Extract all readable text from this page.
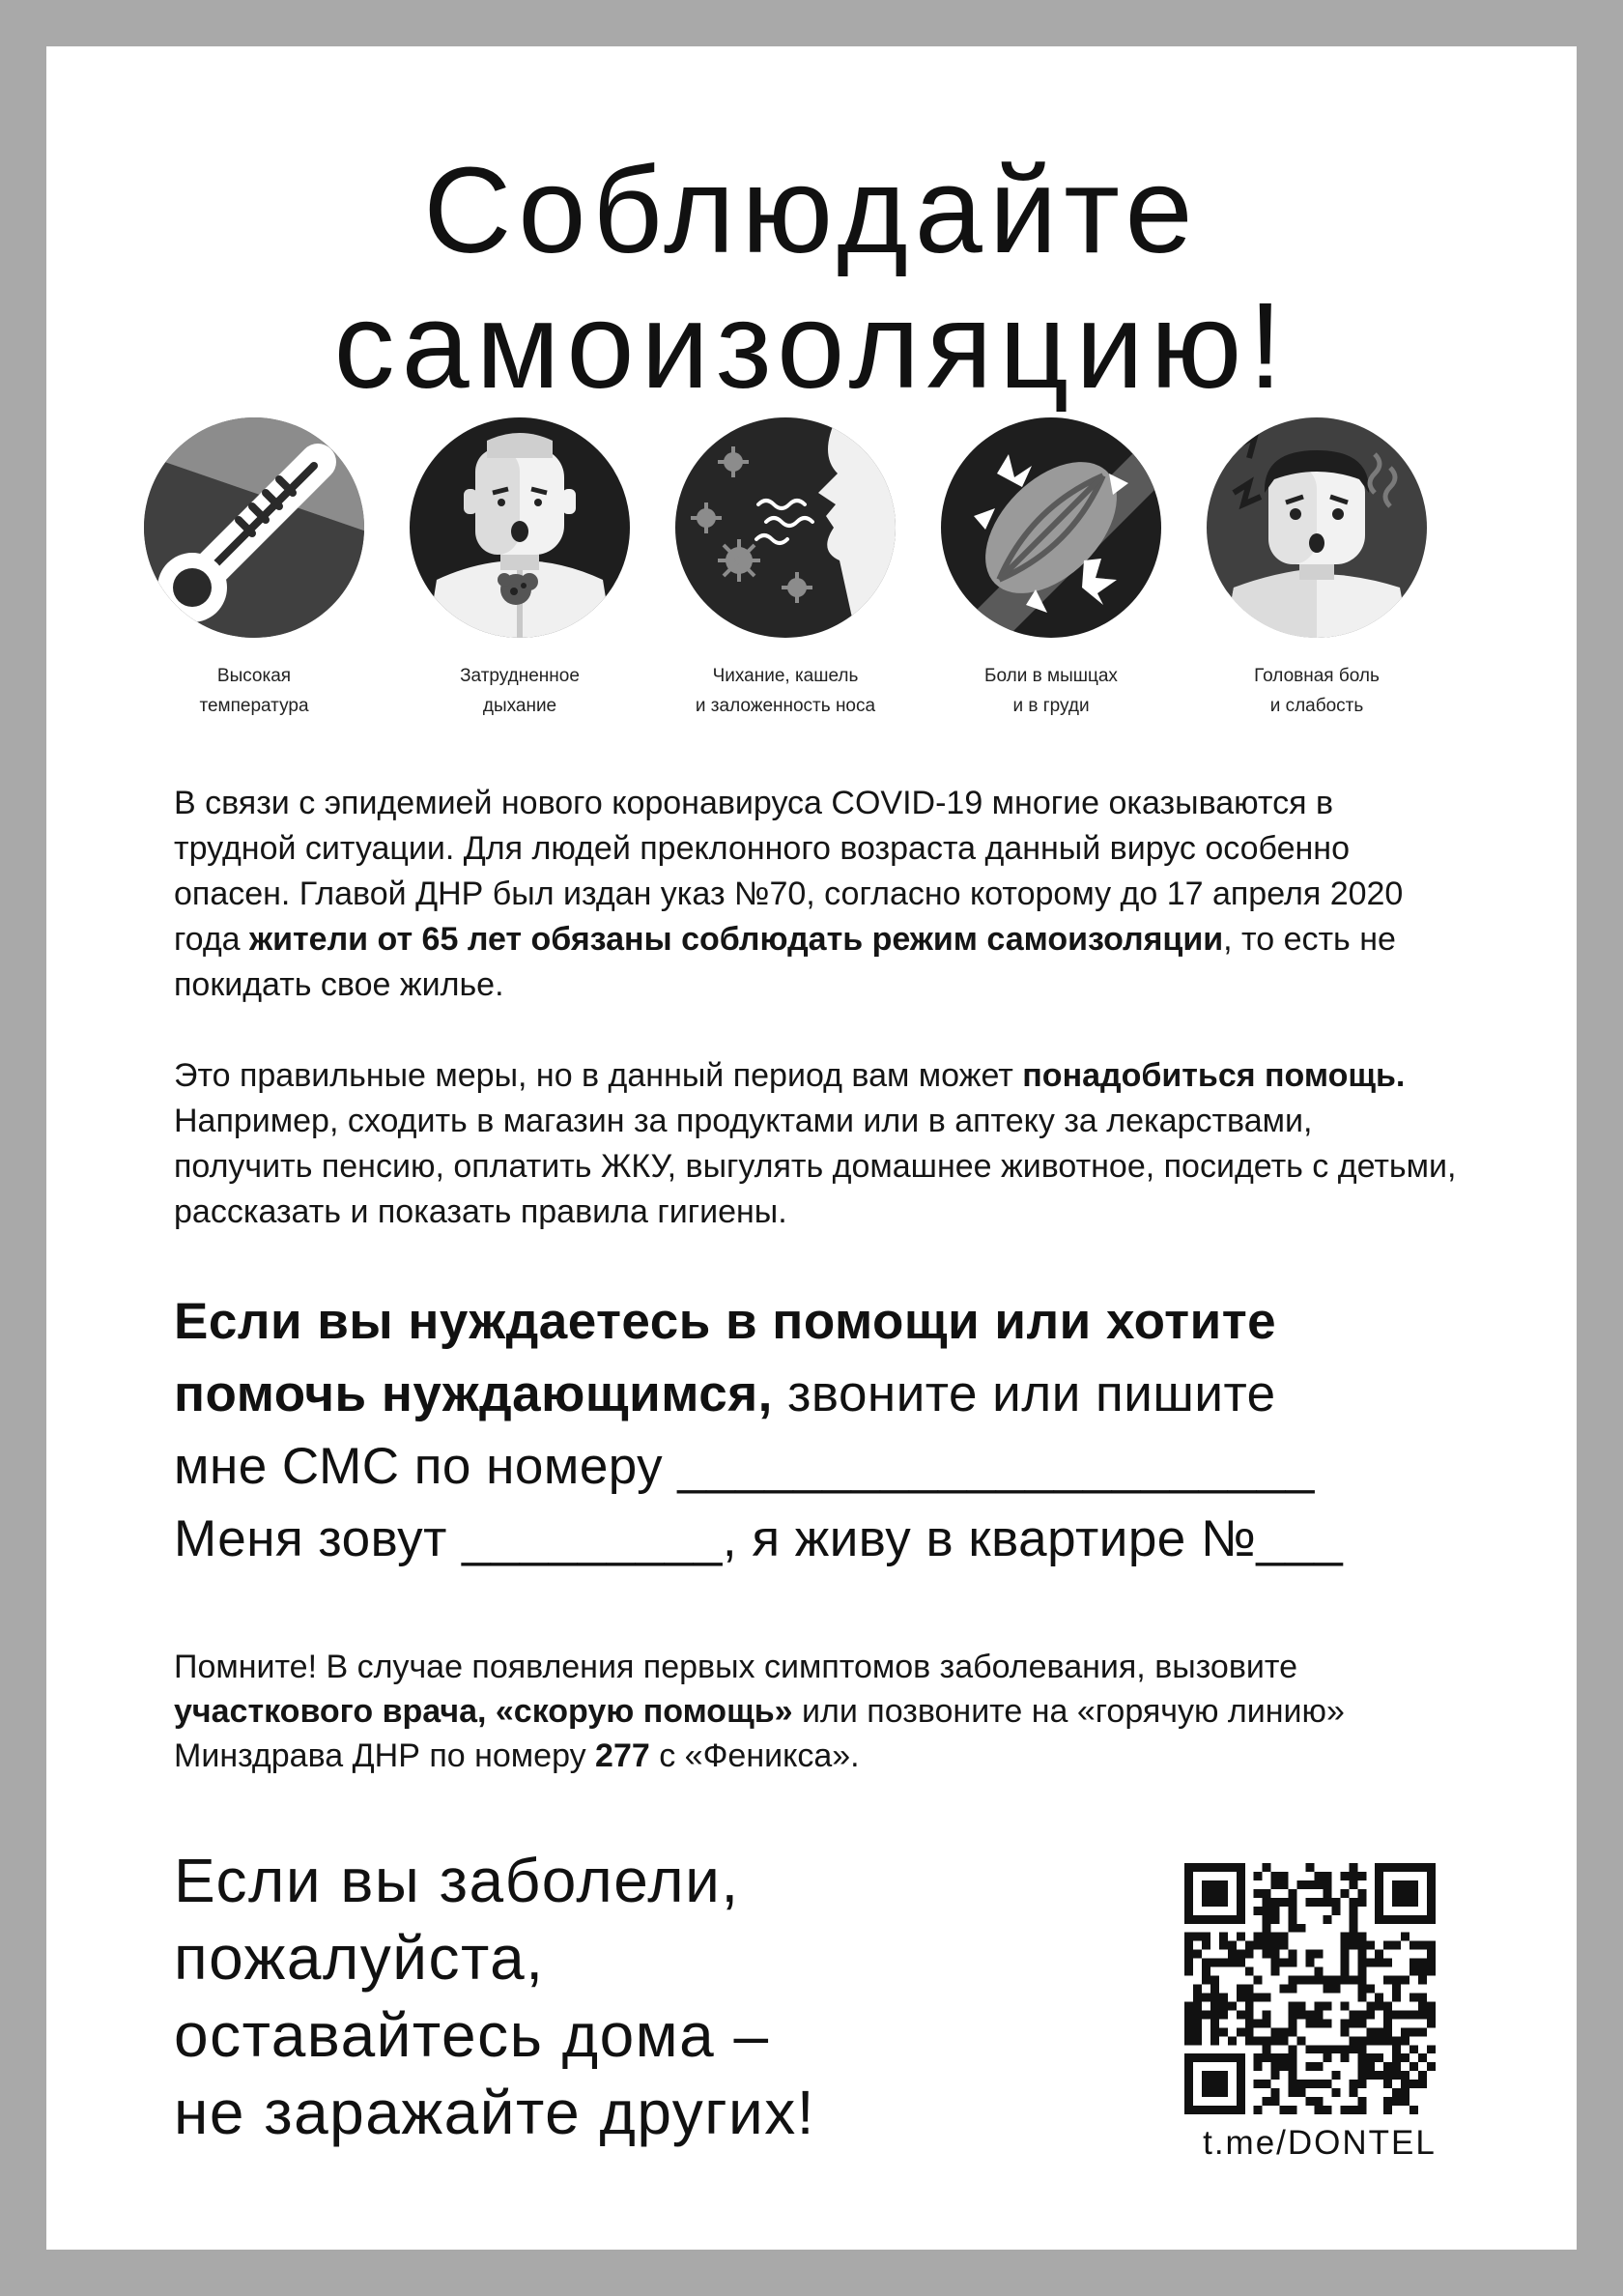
Соблюдайте
самоизоляцию!
Высокая
температура
Затрудненное
дыхание
Чихание, кашель
и заложенность носа
Боли в мышцах
и в груди
Головная боль
и слабость

В связи с эпидемией нового коронавируса COVID-19 многие оказываются в трудной ситуации. Для людей преклонного возраста данный вирус особенно опасен. Главой ДНР был издан указ №70, согласно которому до 17 апреля 2020 года жители от 65 лет обязаны соблюдать режим самоизоляции, то есть не покидать свое жилье.

Это правильные меры, но в данный период вам может понадобиться помощь. Например, сходить в магазин за продуктами или в аптеку за лекарствами, получить пенсию, оплатить ЖКУ, выгулять домашнее животное, посидеть с детьми, рассказать и показать правила гигиены.

Если вы нуждаетесь в помощи или хотите
помочь нуждающимся, звоните или пишите
мне СМС по номеру ______________________
Меня зовут _________, я живу в квартире №___

Помните! В случае появления первых симптомов заболевания, вызовите участкового врача, «скорую помощь» или позвоните на «горячую линию» Минздрава ДНР по номеру 277 с «Феникса».

Если вы заболели,
пожалуйста,
оставайтесь дома –
не заражайте других!	t.me/DONTEL
